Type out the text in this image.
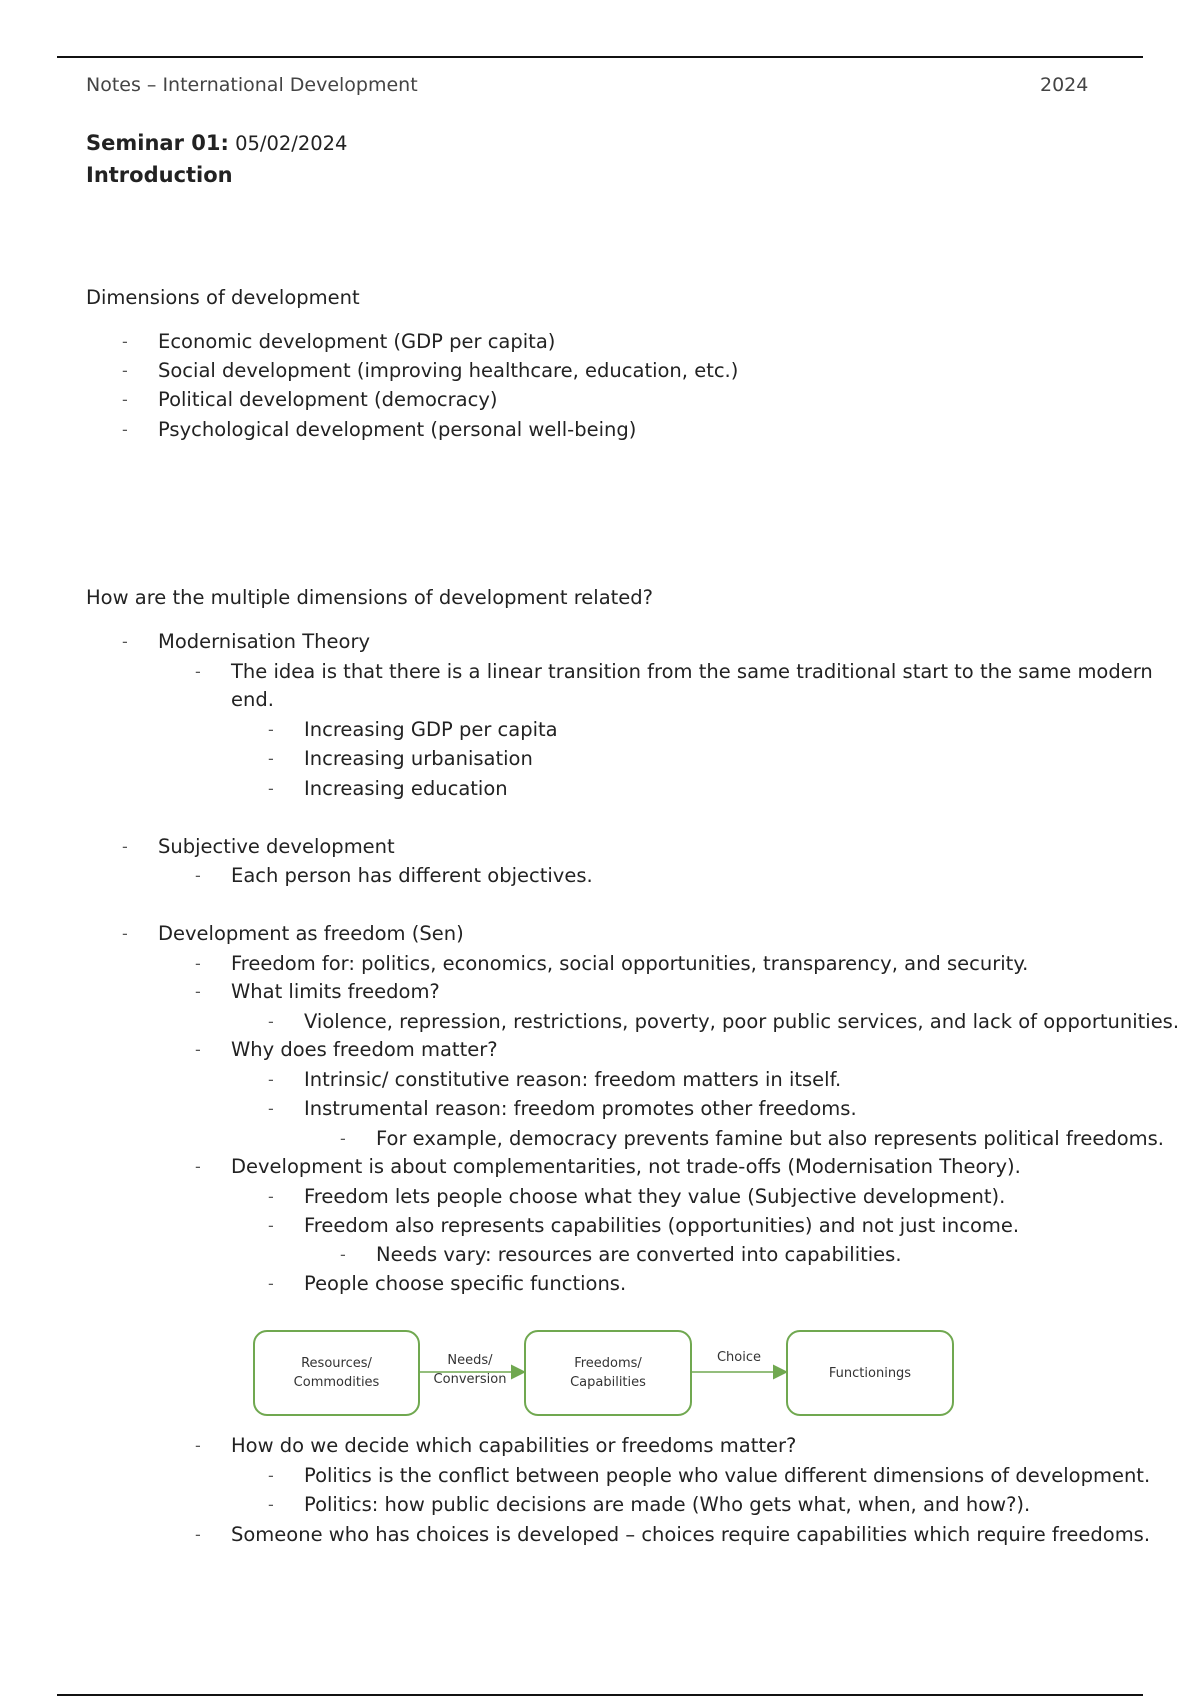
Notes – International Development	2024
Seminar 01: 05/02/2024
Introduction
Dimensions of development
- Economic development (GDP per capita)
- Social development (improving healthcare, education, etc.)
- Political development (democracy)
- Psychological development (personal well-being)
How are the multiple dimensions of development related?
- Modernisation Theory
- The idea is that there is a linear transition from the same traditional start to the same modern
end.
- Increasing GDP per capita
- Increasing urbanisation
- Increasing education
- Subjective development
- Each person has different objectives.
- Development as freedom (Sen)
- Freedom for: politics, economics, social opportunities, transparency, and security.
- What limits freedom?
- Violence, repression, restrictions, poverty, poor public services, and lack of opportunities.
- Why does freedom matter?
- Intrinsic/ constitutive reason: freedom matters in itself.
- Instrumental reason: freedom promotes other freedoms.
- For example, democracy prevents famine but also represents political freedoms.
- Development is about complementarities, not trade-offs (Modernisation Theory).
- Freedom lets people choose what they value (Subjective development).
- Freedom also represents capabilities (opportunities) and not just income.
- Needs vary: resources are converted into capabilities.
- People choose specific functions.
Resources/
Commodities
Needs/
Conversion
Freedoms/
Capabilities
Choice
Functionings
- How do we decide which capabilities or freedoms matter?
- Politics is the conflict between people who value different dimensions of development.
- Politics: how public decisions are made (Who gets what, when, and how?).
- Someone who has choices is developed – choices require capabilities which require freedoms.
